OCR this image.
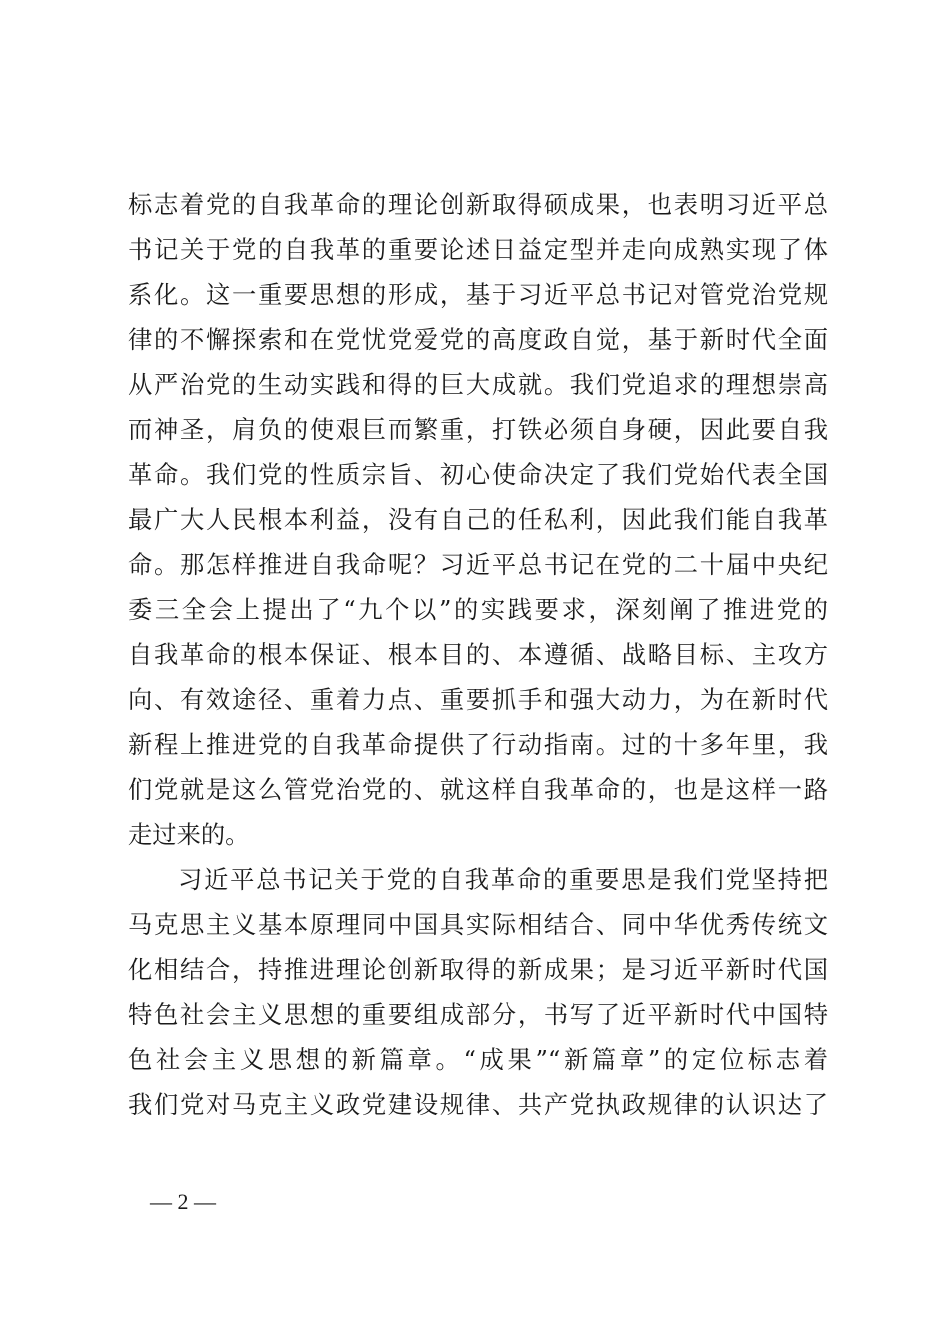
标志着党的自我革命的理论创新取得硕成果，也表明习近平总
书记关于党的自我革的重要论述日益定型并走向成熟实现了体
系化。这一重要思想的形成，基于习近平总书记对管党治党规
律的不懈探索和在党忧党爱党的高度政自觉，基于新时代全面
从严治党的生动实践和得的巨大成就。我们党追求的理想崇高
而神圣，肩负的使艰巨而繁重，打铁必须自身硬，因此要自我
革命。我们党的性质宗旨、初心使命决定了我们党始代表全国
最广大人民根本利益，没有自己的任私利，因此我们能自我革
命。那怎样推进自我命呢？习近平总书记在党的二十届中央纪
委三全会上提出了“九个以”的实践要求，深刻阐了推进党的
自我革命的根本保证、根本目的、本遵循、战略目标、主攻方
向、有效途径、重着力点、重要抓手和强大动力，为在新时代
新程上推进党的自我革命提供了行动指南。过的十多年里，我
们党就是这么管党治党的、就这样自我革命的，也是这样一路
走过来的。
习近平总书记关于党的自我革命的重要思是我们党坚持把
马克思主义基本原理同中国具实际相结合、同中华优秀传统文
化相结合，持推进理论创新取得的新成果；是习近平新时代国
特色社会主义思想的重要组成部分，书写了近平新时代中国特
色社会主义思想的新篇章。“成果”“新篇章”的定位标志着
我们党对马克主义政党建设规律、共产党执政规律的认识达了
— 2 —
